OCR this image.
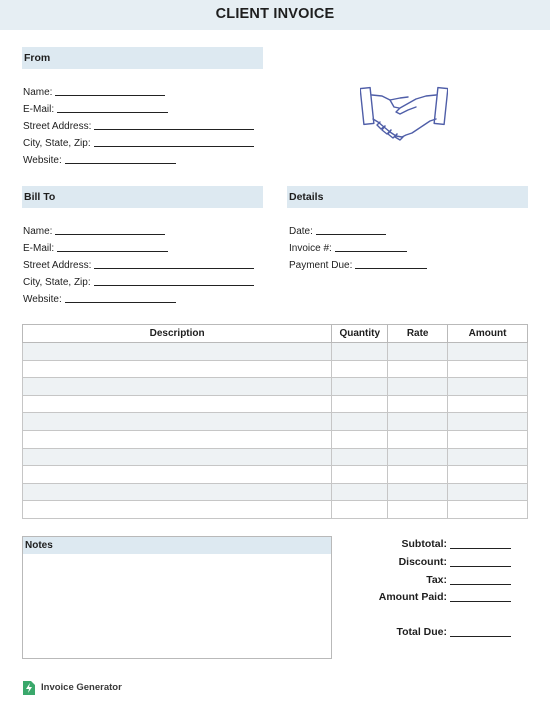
CLIENT INVOICE
From
Name:
E-Mail:
Street Address:
City, State, Zip:
Website:
Bill To
Name:
E-Mail:
Street Address:
City, State, Zip:
Website:
Details
Date:
Invoice #:
Payment Due:
Description	Quantity	Rate	Amount

Notes	Subtotal:
Discount:
Tax:
Amount Paid:
Total Due:
Invoice Generator
